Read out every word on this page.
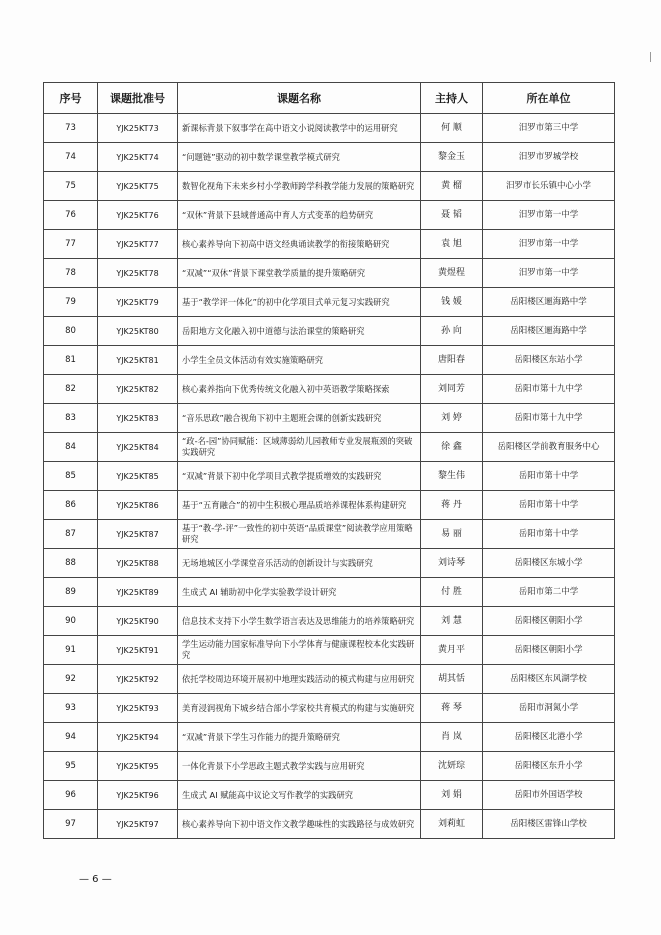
序号	课题批准号	课题名称	主持人	所在单位
73	YJK25KT73	新课标背景下叙事学在高中语文小说阅读教学中的运用研究	何 顺	汨罗市第三中学
74	YJK25KT74	“问题链”驱动的初中数学课堂教学模式研究	黎金玉	汨罗市罗城学校
75	YJK25KT75	数智化视角下未来乡村小学教师跨学科教学能力发展的策略研究	黄 榴	汨罗市长乐镇中心小学
76	YJK25KT76	“双休”背景下县域普通高中育人方式变革的趋势研究	聂 韬	汨罗市第一中学
77	YJK25KT77	核心素养导向下初高中语文经典诵读教学的衔接策略研究	袁 旭	汨罗市第一中学
78	YJK25KT78	“双减”“双休”背景下课堂教学质量的提升策略研究	黄煜程	汨罗市第一中学
79	YJK25KT79	基于“教学评一体化”的初中化学项目式单元复习实践研究	钱 媛	岳阳楼区逦海路中学
80	YJK25KT80	岳阳地方文化融入初中道德与法治课堂的策略研究	孙 向	岳阳楼区逦海路中学
81	YJK25KT81	小学生全员文体活动有效实施策略研究	唐阳春	岳阳楼区东站小学
82	YJK25KT82	核心素养指向下优秀传统文化融入初中英语教学策略探索	刘同芳	岳阳市第十九中学
83	YJK25KT83	“音乐思政”融合视角下初中主题班会课的创新实践研究	刘 婷	岳阳市第十九中学
84	YJK25KT84	“政-名-园”协同赋能：区域薄弱幼儿园教师专业发展瓶颈的突破实践研究	徐 鑫	岳阳楼区学前教育服务中心
85	YJK25KT85	“双减”背景下初中化学项目式教学提质增效的实践研究	黎生伟	岳阳市第十中学
86	YJK25KT86	基于“五育融合”的初中生积极心理品质培养课程体系构建研究	蒋 丹	岳阳市第十中学
87	YJK25KT87	基于“教-学-评”一致性的初中英语“品质课堂”阅读教学应用策略研究	易 丽	岳阳市第十中学
88	YJK25KT88	无场地城区小学课堂音乐活动的创新设计与实践研究	刘诗琴	岳阳楼区东城小学
89	YJK25KT89	生成式 AI 辅助初中化学实验教学设计研究	付 胜	岳阳市第二中学
90	YJK25KT90	信息技术支持下小学生数学语言表达及思维能力的培养策略研究	刘 慧	岳阳楼区朝阳小学
91	YJK25KT91	学生运动能力国家标准导向下小学体育与健康课程校本化实践研究	黄月平	岳阳楼区朝阳小学
92	YJK25KT92	依托学校周边环境开展初中地理实践活动的模式构建与应用研究	胡其恬	岳阳楼区东风湖学校
93	YJK25KT93	美育浸润视角下城乡结合部小学家校共育模式的构建与实施研究	蒋 琴	岳阳市洞氮小学
94	YJK25KT94	“双减”背景下学生习作能力的提升策略研究	肖 岚	岳阳楼区北港小学
95	YJK25KT95	一体化背景下小学思政主题式教学实践与应用研究	沈妍琮	岳阳楼区东升小学
96	YJK25KT96	生成式 AI 赋能高中议论文写作教学的实践研究	刘 娟	岳阳市外国语学校
97	YJK25KT97	核心素养导向下初中语文作文教学趣味性的实践路径与成效研究	刘莉虹	岳阳楼区雷锋山学校
— 6 —
